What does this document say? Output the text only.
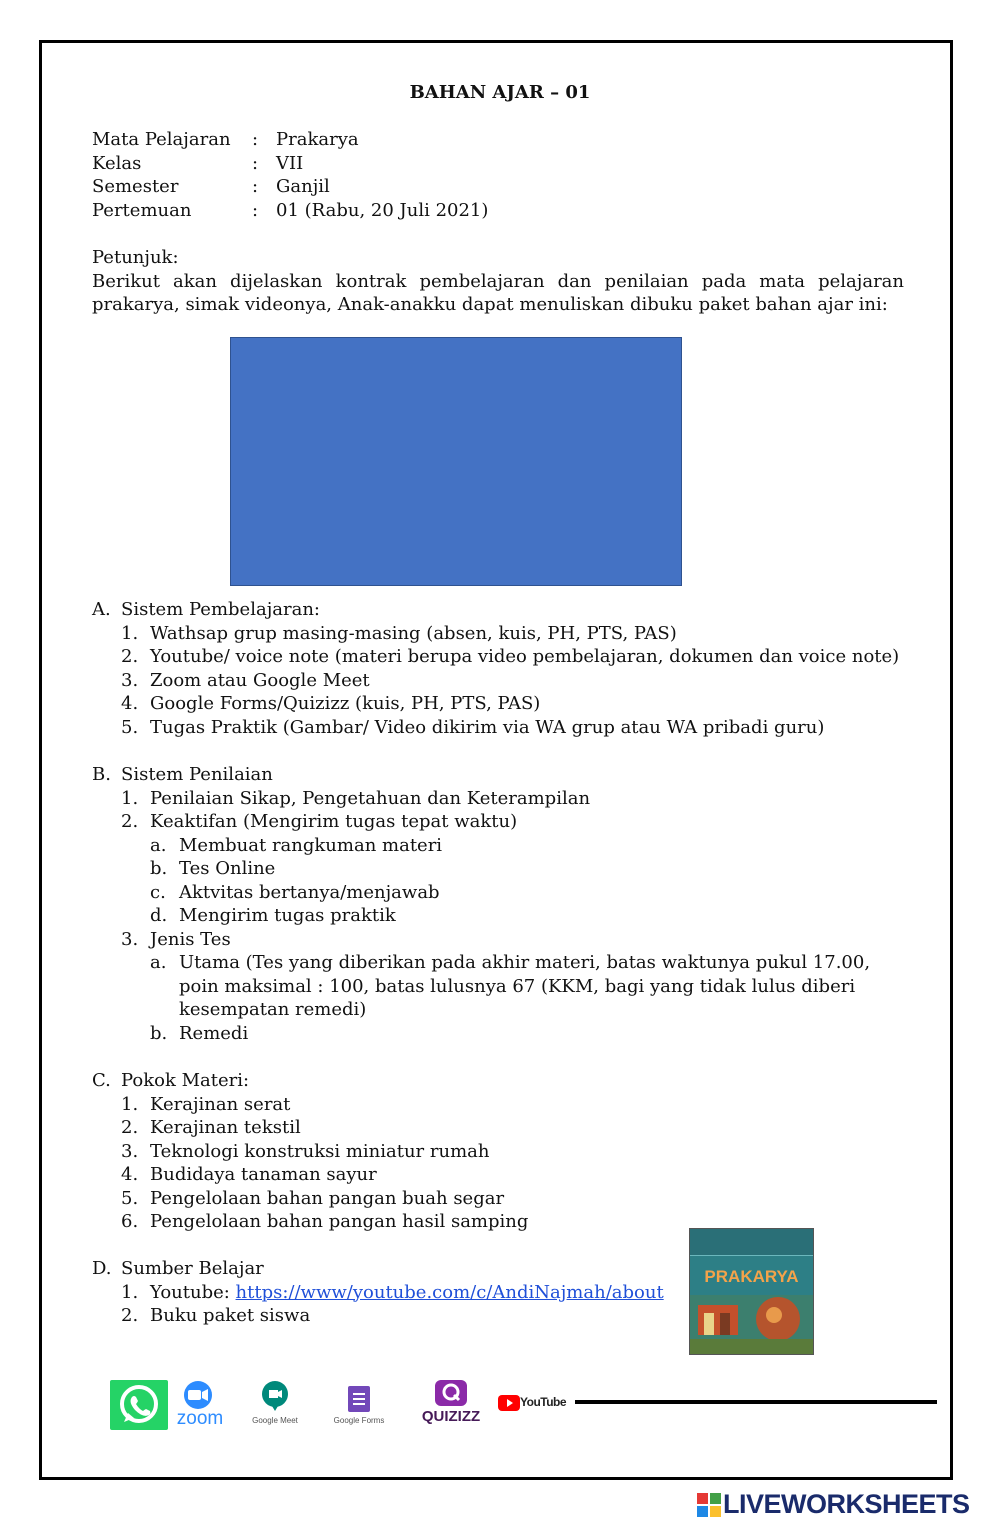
BAHAN AJAR – 01
Mata Pelajaran	: Prakarya
Kelas	: VII
Semester	: Ganjil
Pertemuan	: 01 (Rabu, 20 Juli 2021)
Petunjuk:

Berikut akan dijelaskan kontrak pembelajaran dan penilaian pada mata pelajaran prakarya, simak videonya, Anak-anakku dapat menuliskan dibuku paket bahan ajar ini:

A. Sistem Pembelajaran:
1. Wathsap grup masing-masing (absen, kuis, PH, PTS, PAS)
2. Youtube/ voice note (materi berupa video pembelajaran, dokumen dan voice note)
3. Zoom atau Google Meet
4. Google Forms/Quizizz (kuis, PH, PTS, PAS)
5. Tugas Praktik (Gambar/ Video dikirim via WA grup atau WA pribadi guru)
B. Sistem Penilaian
1. Penilaian Sikap, Pengetahuan dan Keterampilan
2. Keaktifan (Mengirim tugas tepat waktu)
a. Membuat rangkuman materi
b. Tes Online
c. Aktvitas bertanya/menjawab
d. Mengirim tugas praktik
3. Jenis Tes
a. Utama (Tes yang diberikan pada akhir materi, batas waktunya pukul 17.00, poin maksimal : 100, batas lulusnya 67 (KKM, bagi yang tidak lulus diberi kesempatan remedi)
b. Remedi
C. Pokok Materi:
1. Kerajinan serat
2. Kerajinan tekstil
3. Teknologi konstruksi miniatur rumah
4. Budidaya tanaman sayur
5. Pengelolaan bahan pangan buah segar
6. Pengelolaan bahan pangan hasil samping
D. Sumber Belajar
1. Youtube: https://www/youtube.com/c/AndiNajmah/about
2. Buku paket siswa
PRAKARYA
zoom	Google Meet	Google Forms	QUIZIZZ
YouTube
LIVEWORKSHEETS
